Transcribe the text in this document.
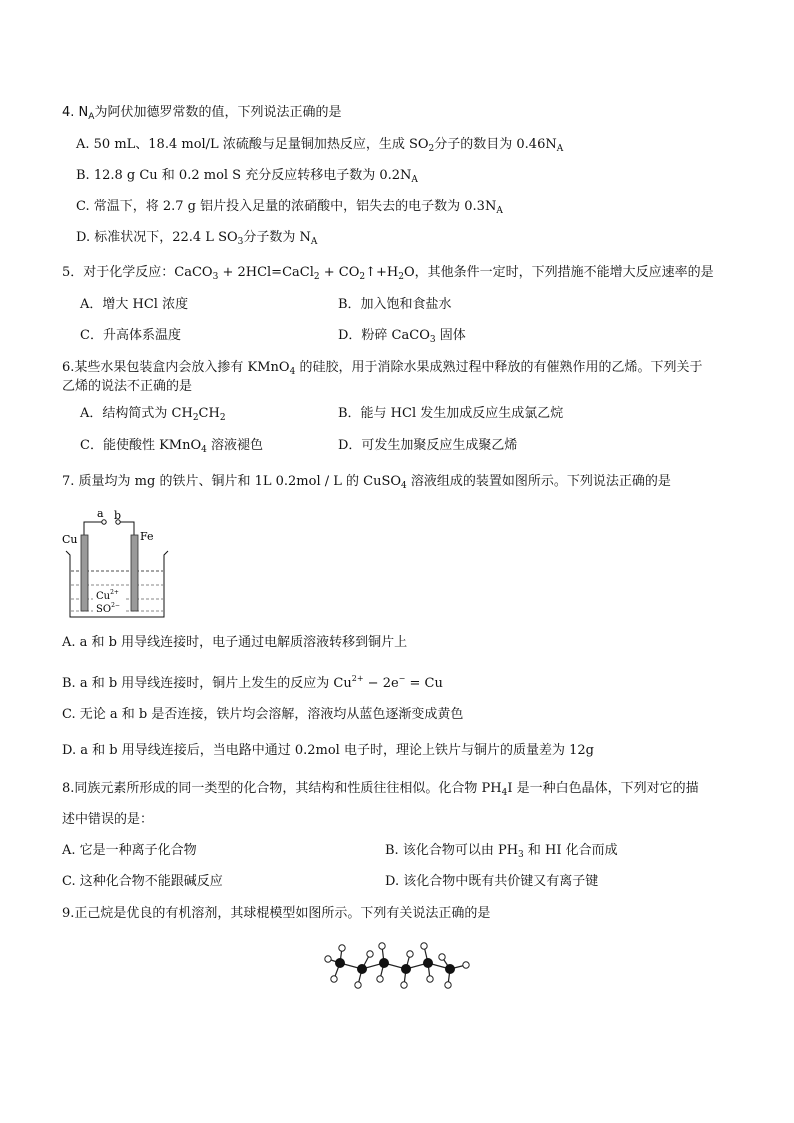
4. $N_A$为阿伏加德罗常数的值，下列说法正确的是
A. 50 mL、18.4 mol/L 浓硫酸与足量铜加热反应，生成 $SO_2$分子的数目为 $0.46N_A$
B. 12.8 g Cu 和 0.2 mol S 充分反应转移电子数为 $0.2N_A$
C. 常温下，将 2.7 g 铝片投入足量的浓硝酸中，铝失去的电子数为 $0.3N_A$
D. 标准状况下，22.4 L $SO_3$分子数为 $N_A$
5．对于化学反应：CaCO$_3$ + 2HCl=CaCl$_2$ + $CO_2↑+H_2O$，其他条件一定时，下列措施不能增大反应速率的是
A．增大 HCl 浓度	B．加入饱和食盐水
C．升高体系温度	D．粉碎 CaCO$_3$ 固体
6.某些水果包装盒内会放入掺有 KMnO$_4$ 的硅胶，用于消除水果成熟过程中释放的有催熟作用的乙烯。下列关于
乙烯的说法不正确的是
A．结构简式为 $CH_2CH_2$	B．能与 HCl 发生加成反应生成氯乙烷
C．能使酸性 KMnO$_4$ 溶液褪色	D．可发生加聚反应生成聚乙烯
7. 质量均为 mg 的铁片、铜片和 1L 0.2mol / L 的 CuSO$_4$ 溶液组成的装置如图所示。下列说法正确的是
a b
Cu	Fe
$Cu^{2+}$
$SO^{2-}$
A. a 和 b 用导线连接时，电子通过电解质溶液转移到铜片上
B. a 和 b 用导线连接时，铜片上发生的反应为 $Cu^{2+} - 2e^- = Cu$
C. 无论 a 和 b 是否连接，铁片均会溶解，溶液均从蓝色逐渐变成黄色
D. a 和 b 用导线连接后，当电路中通过 0.2mol 电子时，理论上铁片与铜片的质量差为 12g
8.同族元素所形成的同一类型的化合物，其结构和性质往往相似。化合物 $PH_4I$ 是一种白色晶体，下列对它的描
述中错误的是：
A. 它是一种离子化合物	B. 该化合物可以由 $PH_3$ 和 HI 化合而成
C. 这种化合物不能跟碱反应	D. 该化合物中既有共价键又有离子键
9.正己烷是优良的有机溶剂，其球棍模型如图所示。下列有关说法正确的是
